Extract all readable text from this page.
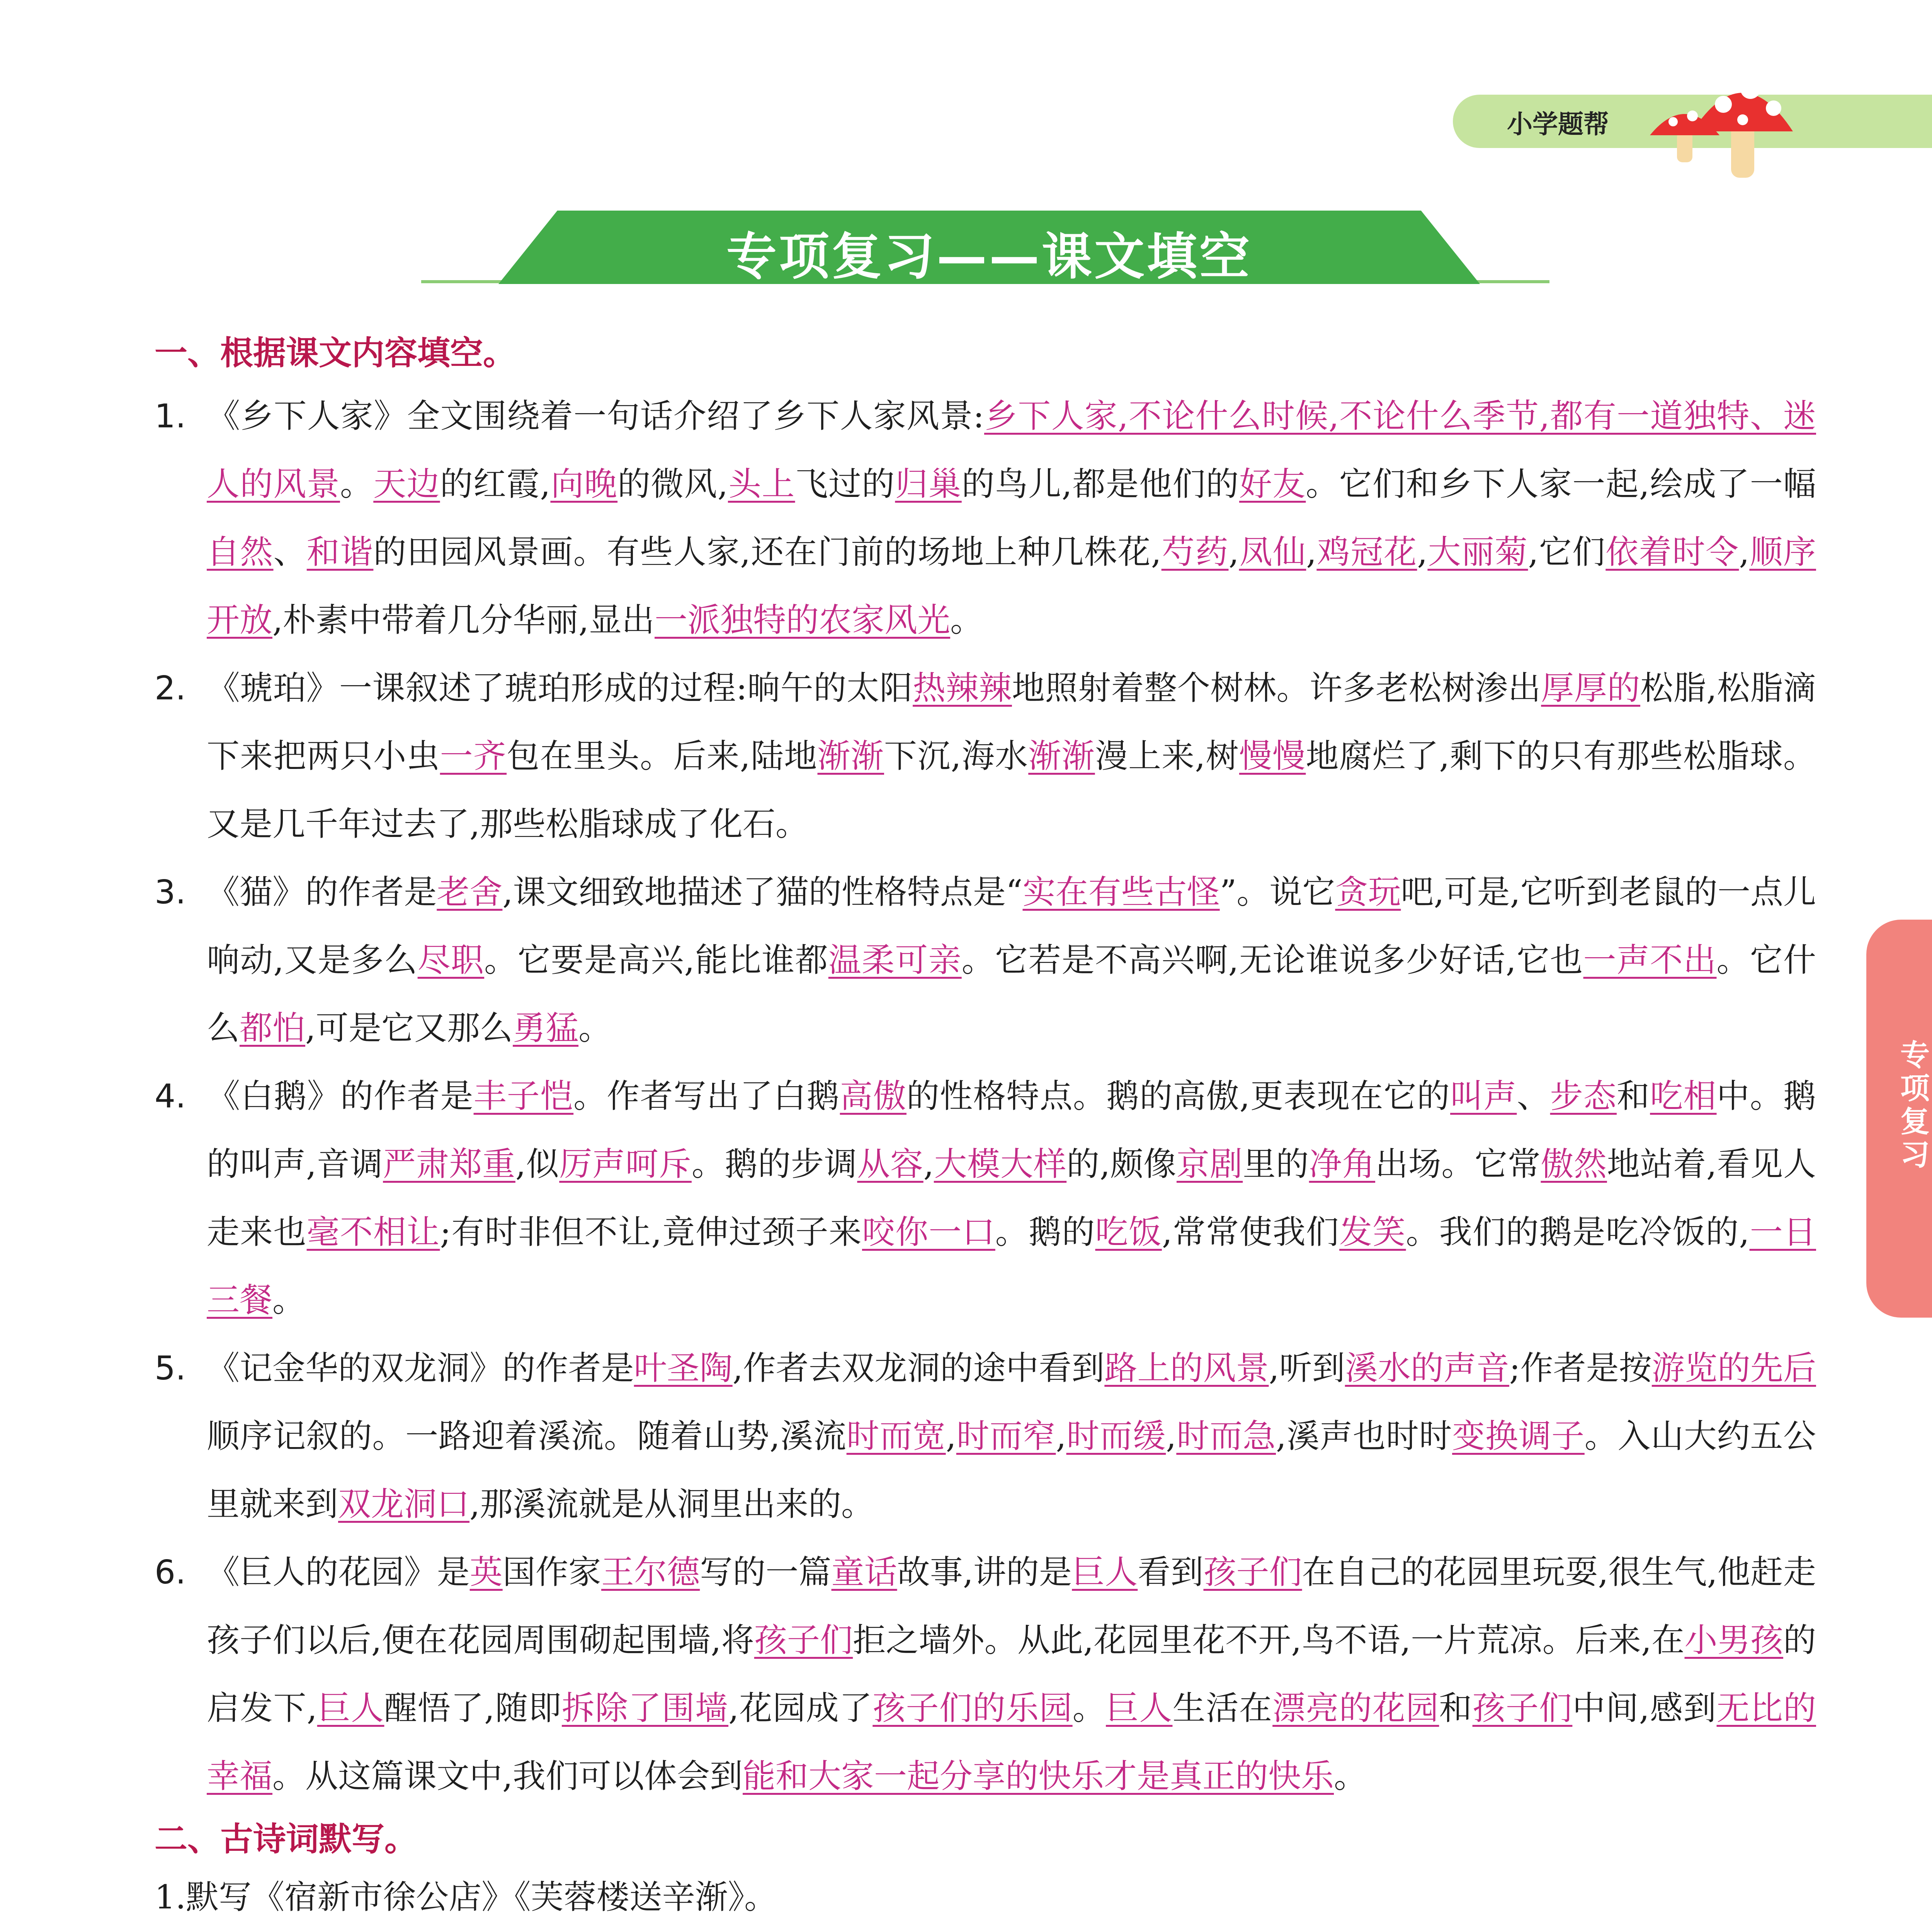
小学题帮
专项复习——课文填空
专项复习
一、根据课文内容填空。
1. 《乡下人家》全文围绕着一句话介绍了乡下人家风景:乡下人家,不论什么时候,不论什么季节,都有一道独特、迷人的风景。天边的红霞,向晚的微风,头上飞过的归巢的鸟儿,都是他们的好友。它们和乡下人家一起,绘成了一幅自然、和谐的田园风景画。有些人家,还在门前的场地上种几株花,芍药,凤仙,鸡冠花,大丽菊,它们依着时令,顺序开放,朴素中带着几分华丽,显出一派独特的农家风光。
2. 《琥珀》一课叙述了琥珀形成的过程:晌午的太阳热辣辣地照射着整个树林。许多老松树渗出厚厚的松脂,松脂滴下来把两只小虫一齐包在里头。后来,陆地渐渐下沉,海水渐渐漫上来,树慢慢地腐烂了,剩下的只有那些松脂球。又是几千年过去了,那些松脂球成了化石。
3. 《猫》的作者是老舍,课文细致地描述了猫的性格特点是“实在有些古怪”。说它贪玩吧,可是,它听到老鼠的一点儿响动,又是多么尽职。它要是高兴,能比谁都温柔可亲。它若是不高兴啊,无论谁说多少好话,它也一声不出。它什么都怕,可是它又那么勇猛。
4. 《白鹅》的作者是丰子恺。作者写出了白鹅高傲的性格特点。鹅的高傲,更表现在它的叫声、步态和吃相中。鹅的叫声,音调严肃郑重,似厉声呵斥。鹅的步调从容,大模大样的,颇像京剧里的净角出场。它常傲然地站着,看见人走来也毫不相让;有时非但不让,竟伸过颈子来咬你一口。鹅的吃饭,常常使我们发笑。我们的鹅是吃冷饭的,一日三餐。
5. 《记金华的双龙洞》的作者是叶圣陶,作者去双龙洞的途中看到路上的风景,听到溪水的声音;作者是按游览的先后顺序记叙的。一路迎着溪流。随着山势,溪流时而宽,时而窄,时而缓,时而急,溪声也时时变换调子。入山大约五公里就来到双龙洞口,那溪流就是从洞里出来的。
6. 《巨人的花园》是英国作家王尔德写的一篇童话故事,讲的是巨人看到孩子们在自己的花园里玩耍,很生气,他赶走孩子们以后,便在花园周围砌起围墙,将孩子们拒之墙外。从此,花园里花不开,鸟不语,一片荒凉。后来,在小男孩的启发下,巨人醒悟了,随即拆除了围墙,花园成了孩子们的乐园。巨人生活在漂亮的花园和孩子们中间,感到无比的幸福。从这篇课文中,我们可以体会到能和大家一起分享的快乐才是真正的快乐。
二、古诗词默写。
1.默写《宿新市徐公店》《芙蓉楼送辛渐》。
